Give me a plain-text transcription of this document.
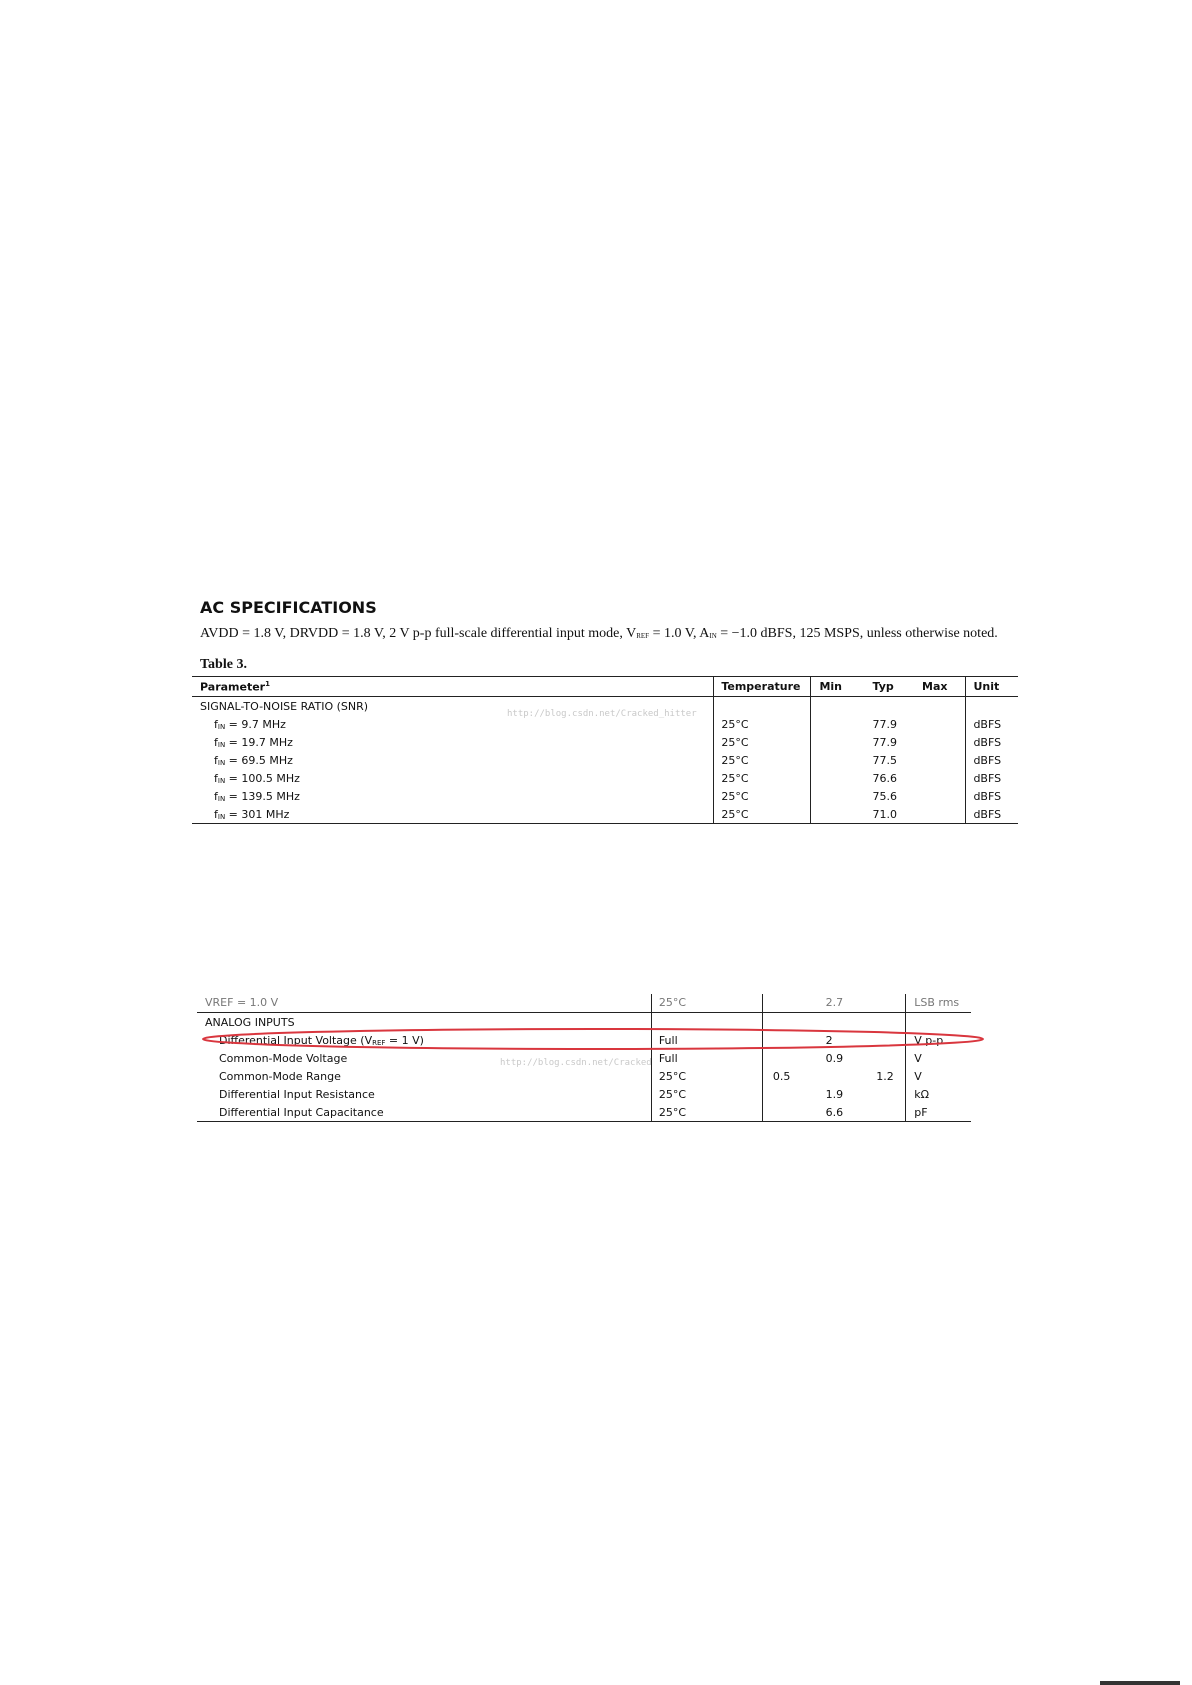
AC SPECIFICATIONS

AVDD = 1.8 V, DRVDD = 1.8 V, 2 V p-p full-scale differential input mode, $V_{REF} = 1.0$ V, $A_{IN} = -1.0$ dBFS, 125 MSPS, unless otherwise noted.

Table 3.

Parameter$^1$	Temperature	Min	Typ	Max	Unit
SIGNAL-TO-NOISE RATIO (SNR)					
$f_{IN} = 9.7$ MHz	25°C		77.9		dBFS
$f_{IN} = 19.7$ MHz	25°C		77.9		dBFS
$f_{IN} = 69.5$ MHz	25°C		77.5		dBFS
$f_{IN} = 100.5$ MHz	25°C		76.6		dBFS
$f_{IN} = 139.5$ MHz	25°C		75.6		dBFS
$f_{IN} = 301$ MHz	25°C		71.0		dBFS
http://blog.csdn.net/Cracked_hitter
VREF = 1.0 V	25°C		2.7		LSB rms
ANALOG INPUTS					
Differential Input Voltage ($V_{REF} = 1$ V)	Full		2		V p-p
Common-Mode Voltage	Full		0.9		V
Common-Mode Range	25°C	0.5		1.2	V
Differential Input Resistance	25°C		1.9		kΩ
Differential Input Capacitance	25°C		6.6		pF
http://blog.csdn.net/Cracked
